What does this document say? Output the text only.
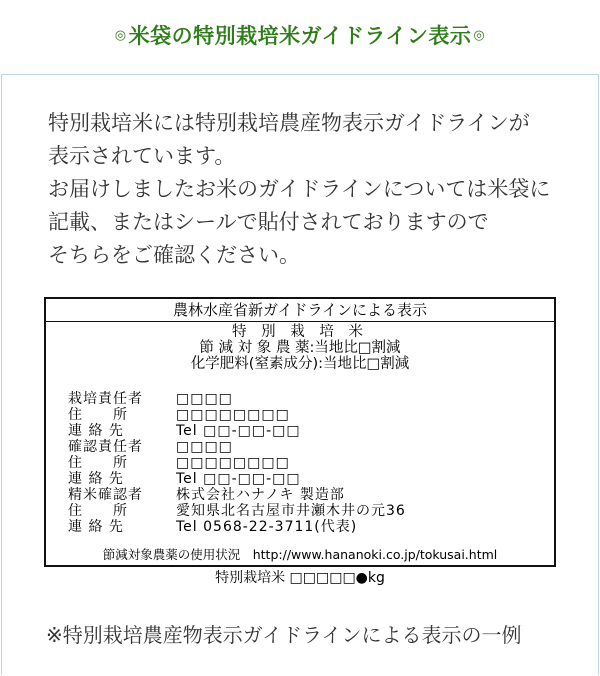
◎ 米袋の特別栽培米ガイドライン表示 ◎
特別栽培米には特別栽培農産物表示ガイドラインが
表示されています。
お届けしましたお米のガイドラインについては米袋に
記載、またはシールで貼付されておりますので
そちらをご確認ください。
農林水産省新ガイドラインによる表示
特 別 栽 培 米
節 減 対 象 農 薬:当地比□割減
化学肥料(窒素成分):当地比□割減
栽培責任者	□□□□
住　　所	□□□□□□□□
連 絡 先	Tel □□-□□-□□
確認責任者	□□□□
住　　所	□□□□□□□□
連 絡 先	Tel □□-□□-□□
精米確認者	株式会社ハナノキ 製造部
住　　所	愛知県北名古屋市井瀬木井の元36
連 絡 先	Tel 0568-22-3711(代表)
節減対象農薬の使用状況　http://www.hananoki.co.jp/tokusai.html
特別栽培米 □□□□□●kg
※特別栽培農産物表示ガイドラインによる表示の一例
